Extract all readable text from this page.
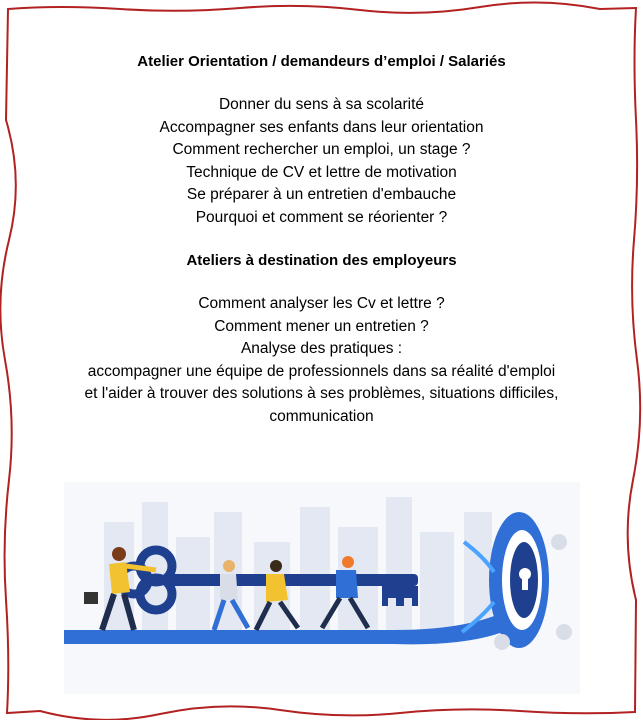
Atelier Orientation / demandeurs d’emploi / Salariés

Donner du sens à sa scolarité
Accompagner ses enfants dans leur orientation
Comment rechercher un emploi, un stage ?
Technique de CV et lettre de motivation
Se préparer à un entretien d'embauche
Pourquoi et comment se réorienter ?

Ateliers à destination des employeurs

Comment analyser les Cv et lettre ?
Comment mener un entretien ?
Analyse des pratiques :
accompagner une équipe de professionnels dans sa réalité d'emploi
et l'aider à trouver des solutions à ses problèmes, situations difficiles,
communication
